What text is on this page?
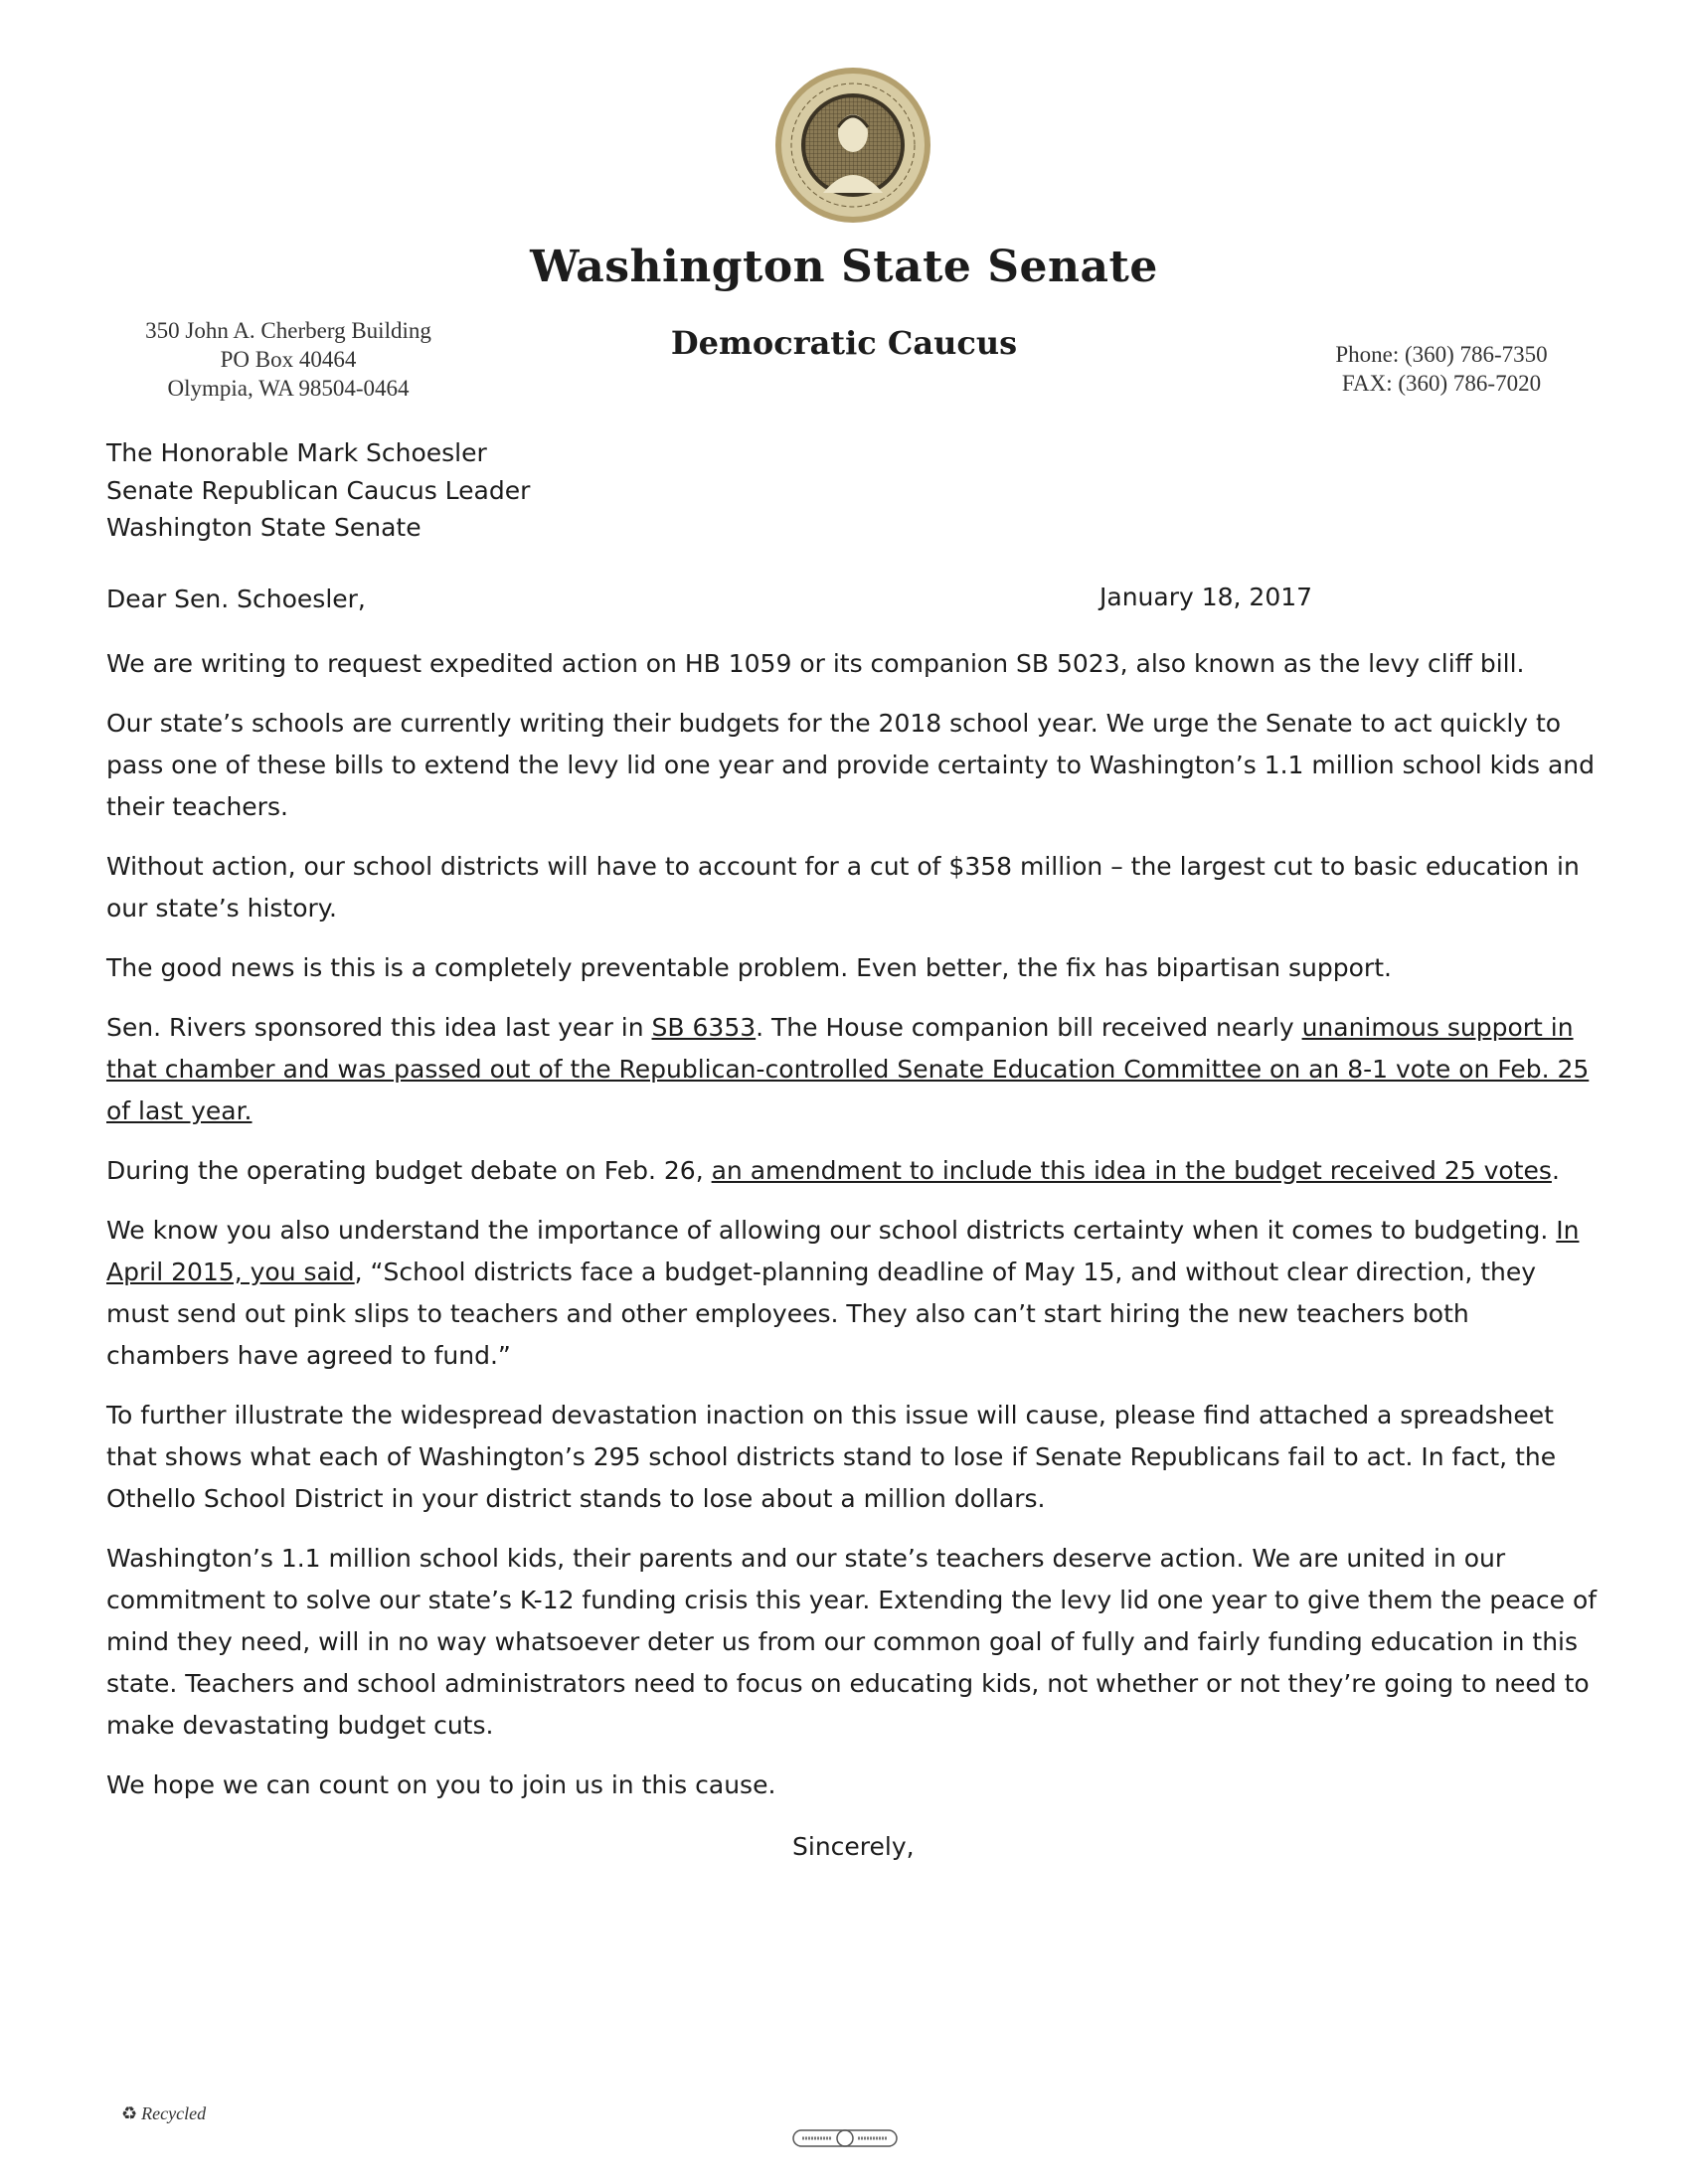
Washington State Senate
Democratic Caucus
350 John A. Cherberg Building
PO Box 40464
Olympia, WA 98504-0464
Phone: (360) 786-7350
FAX: (360) 786-7020
The Honorable Mark Schoesler
Senate Republican Caucus Leader
Washington State Senate
Dear Sen. Schoesler,	January 18, 2017

We are writing to request expedited action on HB 1059 or its companion SB 5023, also known as the levy cliff bill.

Our state’s schools are currently writing their budgets for the 2018 school year. We urge the Senate to act quickly to pass one of these bills to extend the levy lid one year and provide certainty to Washington’s 1.1 million school kids and their teachers.

Without action, our school districts will have to account for a cut of $358 million – the largest cut to basic education in our state’s history.

The good news is this is a completely preventable problem. Even better, the fix has bipartisan support.

Sen. Rivers sponsored this idea last year in SB 6353. The House companion bill received nearly unanimous support in that chamber and was passed out of the Republican-controlled Senate Education Committee on an 8-1 vote on Feb. 25 of last year.

During the operating budget debate on Feb. 26, an amendment to include this idea in the budget received 25 votes.

We know you also understand the importance of allowing our school districts certainty when it comes to budgeting. In April 2015, you said, “School districts face a budget-planning deadline of May 15, and without clear direction, they must send out pink slips to teachers and other employees. They also can’t start hiring the new teachers both chambers have agreed to fund.”

To further illustrate the widespread devastation inaction on this issue will cause, please find attached a spreadsheet that shows what each of Washington’s 295 school districts stand to lose if Senate Republicans fail to act. In fact, the Othello School District in your district stands to lose about a million dollars.

Washington’s 1.1 million school kids, their parents and our state’s teachers deserve action. We are united in our commitment to solve our state’s K-12 funding crisis this year. Extending the levy lid one year to give them the peace of mind they need, will in no way whatsoever deter us from our common goal of fully and fairly funding education in this state. Teachers and school administrators need to focus on educating kids, not whether or not they’re going to need to make devastating budget cuts.

We hope we can count on you to join us in this cause.

Sincerely,
♻ Recycled
